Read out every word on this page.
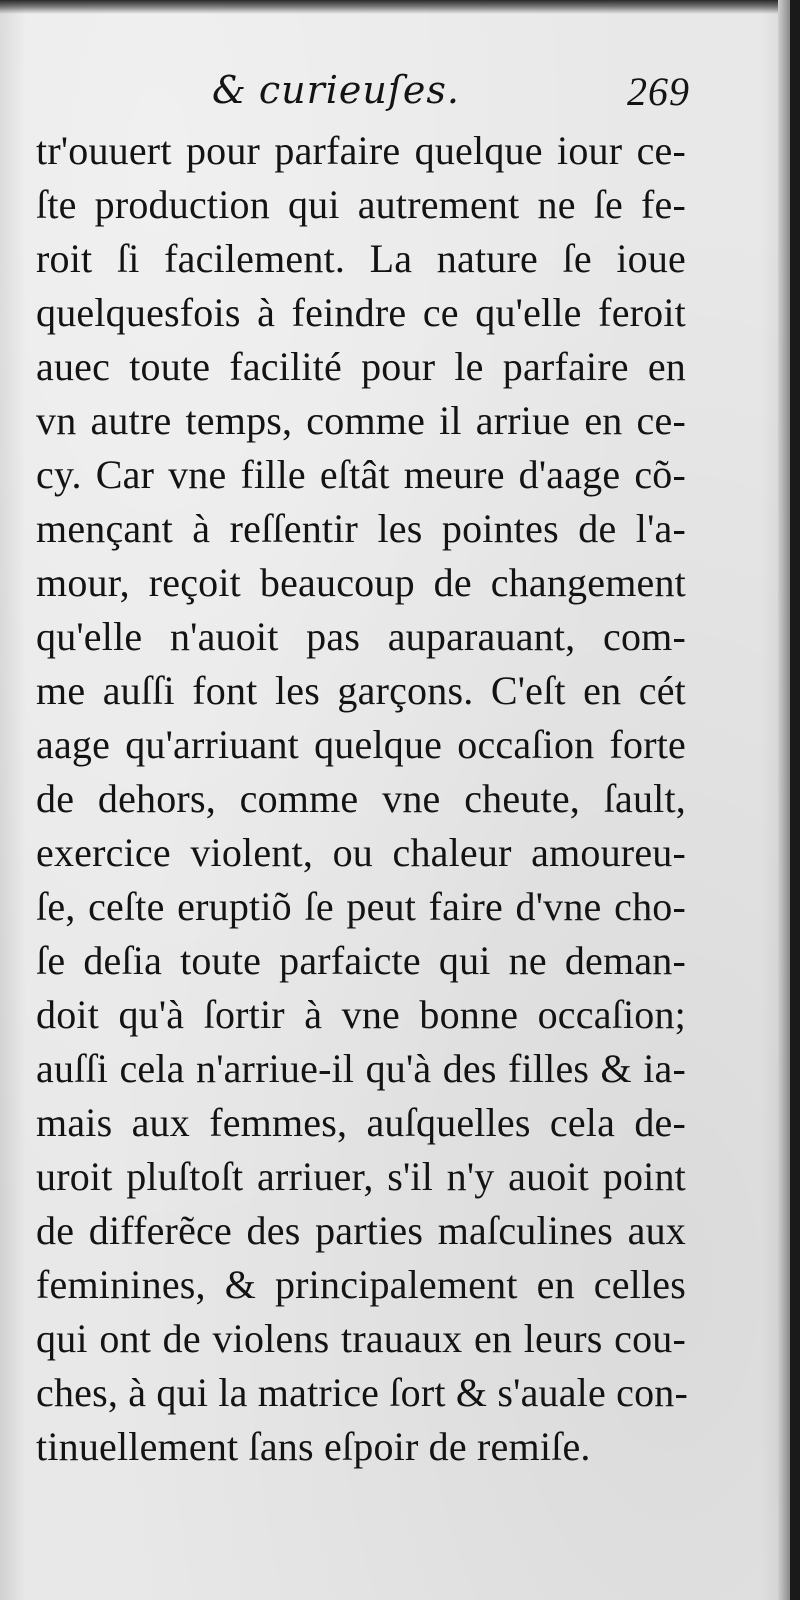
& curieuſes.	269
tr'ouuert pour parfaire quelque iour ce-
ſte production qui autrement ne ſe fe-
roit ſi facilement. La nature ſe ioue
quelquesfois à feindre ce qu'elle feroit
auec toute facilité pour le parfaire en
vn autre temps, comme il arriue en ce-
cy. Car vne fille eſtât meure d'aage cõ-
mençant à reſſentir les pointes de l'a-
mour, reçoit beaucoup de changement
qu'elle n'auoit pas auparauant, com-
me auſſi font les garçons. C'eſt en cét
aage qu'arriuant quelque occaſion forte
de dehors, comme vne cheute, ſault,
exercice violent, ou chaleur amoureu-
ſe, ceſte eruptiõ ſe peut faire d'vne cho-
ſe deſia toute parfaicte qui ne deman-
doit qu'à ſortir à vne bonne occaſion;
auſſi cela n'arriue-il qu'à des filles & ia-
mais aux femmes, auſquelles cela de-
uroit pluſtoſt arriuer, s'il n'y auoit point
de differẽce des parties maſculines aux
feminines, & principalement en celles
qui ont de violens trauaux en leurs cou-
ches, à qui la matrice ſort & s'auale con-
tinuellement ſans eſpoir de remiſe.
